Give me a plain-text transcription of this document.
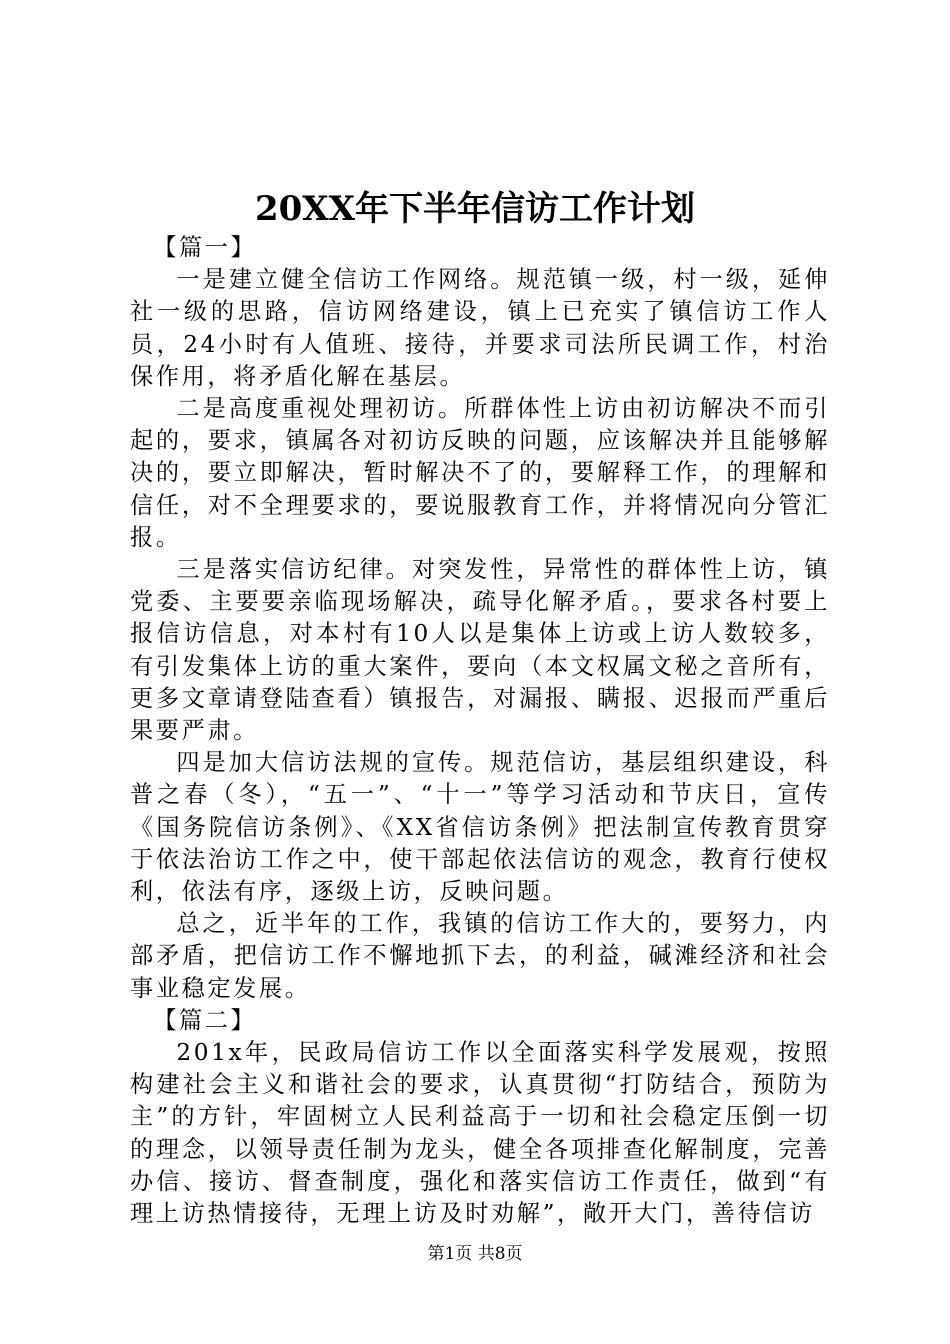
20XX年下半年信访工作计划

【篇一】

一是建立健全信访工作网络。规范镇一级，村一级，延伸社一级的思路，信访网络建设，镇上已充实了镇信访工作人员，24小时有人值班、接待，并要求司法所民调工作，村治保作用，将矛盾化解在基层。

二是高度重视处理初访。所群体性上访由初访解决不而引起的，要求，镇属各对初访反映的问题，应该解决并且能够解决的，要立即解决，暂时解决不了的，要解释工作，的理解和信任，对不全理要求的，要说服教育工作，并将情况向分管汇报。

三是落实信访纪律。对突发性，异常性的群体性上访，镇党委、主要要亲临现场解决，疏导化解矛盾。，要求各村要上报信访信息，对本村有10人以是集体上访或上访人数较多，有引发集体上访的重大案件，要向（本文权属文秘之音所有，更多文章请登陆查看）镇报告，对漏报、瞒报、迟报而严重后果要严肃。

四是加大信访法规的宣传。规范信访，基层组织建设，科普之春（冬），“五一”、“十一”等学习活动和节庆日，宣传《国务院信访条例》、《XX省信访条例》把法制宣传教育贯穿于依法治访工作之中，使干部起依法信访的观念，教育行使权利，依法有序，逐级上访，反映问题。

总之，近半年的工作，我镇的信访工作大的，要努力，内部矛盾，把信访工作不懈地抓下去，的利益，碱滩经济和社会事业稳定发展。

【篇二】

201x年，民政局信访工作以全面落实科学发展观，按照构建社会主义和谐社会的要求，认真贯彻“打防结合，预防为主”的方针，牢固树立人民利益高于一切和社会稳定压倒一切的理念，以领导责任制为龙头，健全各项排查化解制度，完善办信、接访、督查制度，强化和落实信访工作责任，做到“有理上访热情接待，无理上访及时劝解”，敞开大门，善待信访

第1页 共8页
